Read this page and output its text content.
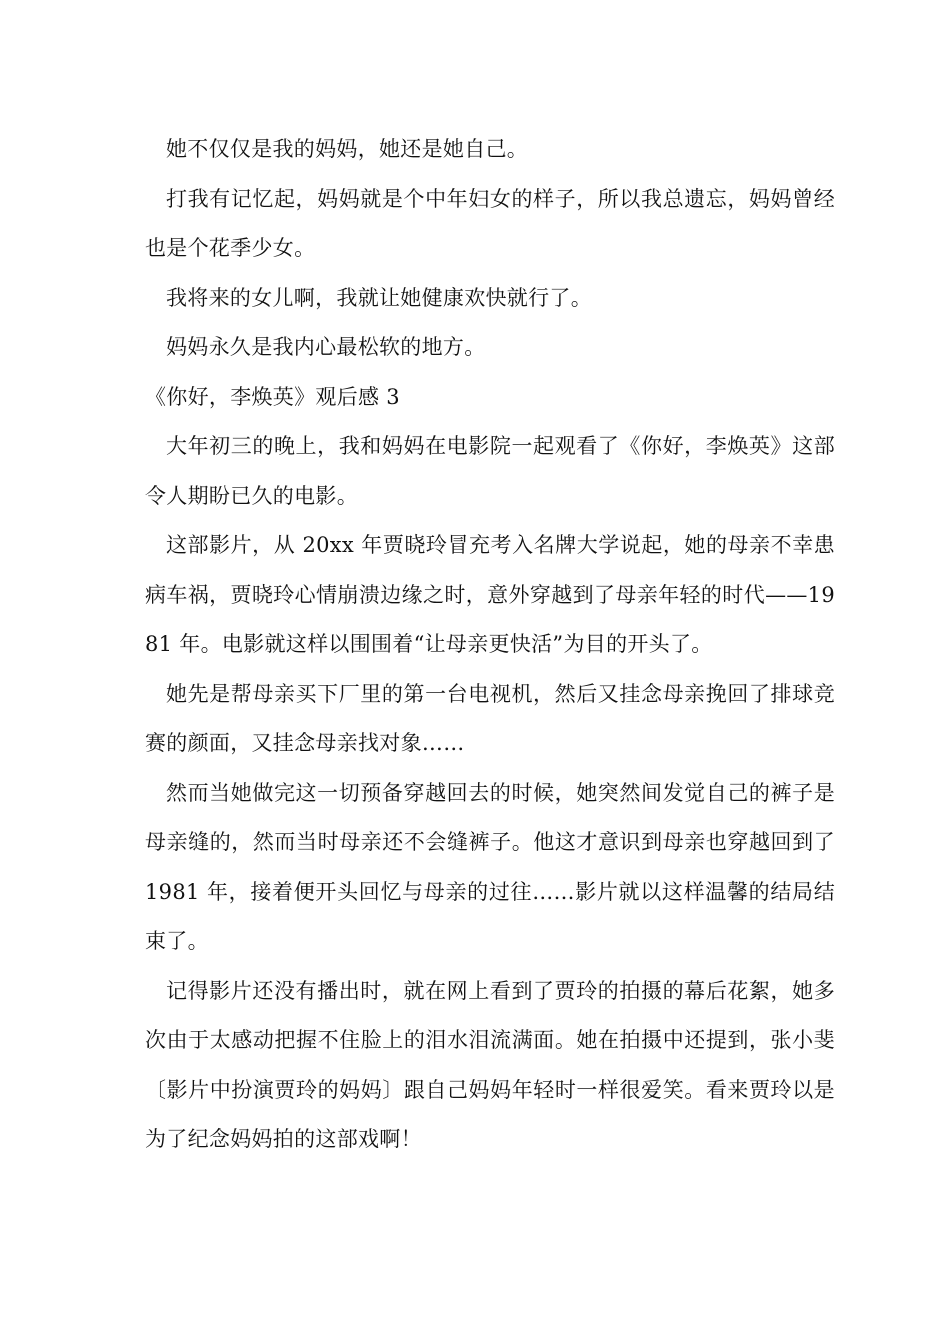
她不仅仅是我的妈妈，她还是她自己。

打我有记忆起，妈妈就是个中年妇女的样子，所以我总遗忘，妈妈曾经也是个花季少女。

我将来的女儿啊，我就让她健康欢快就行了。

妈妈永久是我内心最松软的地方。

《你好，李焕英》观后感 3

大年初三的晚上，我和妈妈在电影院一起观看了《你好，李焕英》这部令人期盼已久的电影。

这部影片，从 20xx 年贾晓玲冒充考入名牌大学说起，她的母亲不幸患病车祸，贾晓玲心情崩溃边缘之时，意外穿越到了母亲年轻的时代——1981 年。电影就这样以围围着“让母亲更快活”为目的开头了。

她先是帮母亲买下厂里的第一台电视机，然后又挂念母亲挽回了排球竞赛的颜面，又挂念母亲找对象……

然而当她做完这一切预备穿越回去的时候，她突然间发觉自己的裤子是母亲缝的，然而当时母亲还不会缝裤子。他这才意识到母亲也穿越回到了 1981 年，接着便开头回忆与母亲的过往……影片就以这样温馨的结局结束了。

记得影片还没有播出时，就在网上看到了贾玲的拍摄的幕后花絮，她多次由于太感动把握不住脸上的泪水泪流满面。她在拍摄中还提到，张小斐〔影片中扮演贾玲的妈妈〕跟自己妈妈年轻时一样很爱笑。看来贾玲以是为了纪念妈妈拍的这部戏啊！
